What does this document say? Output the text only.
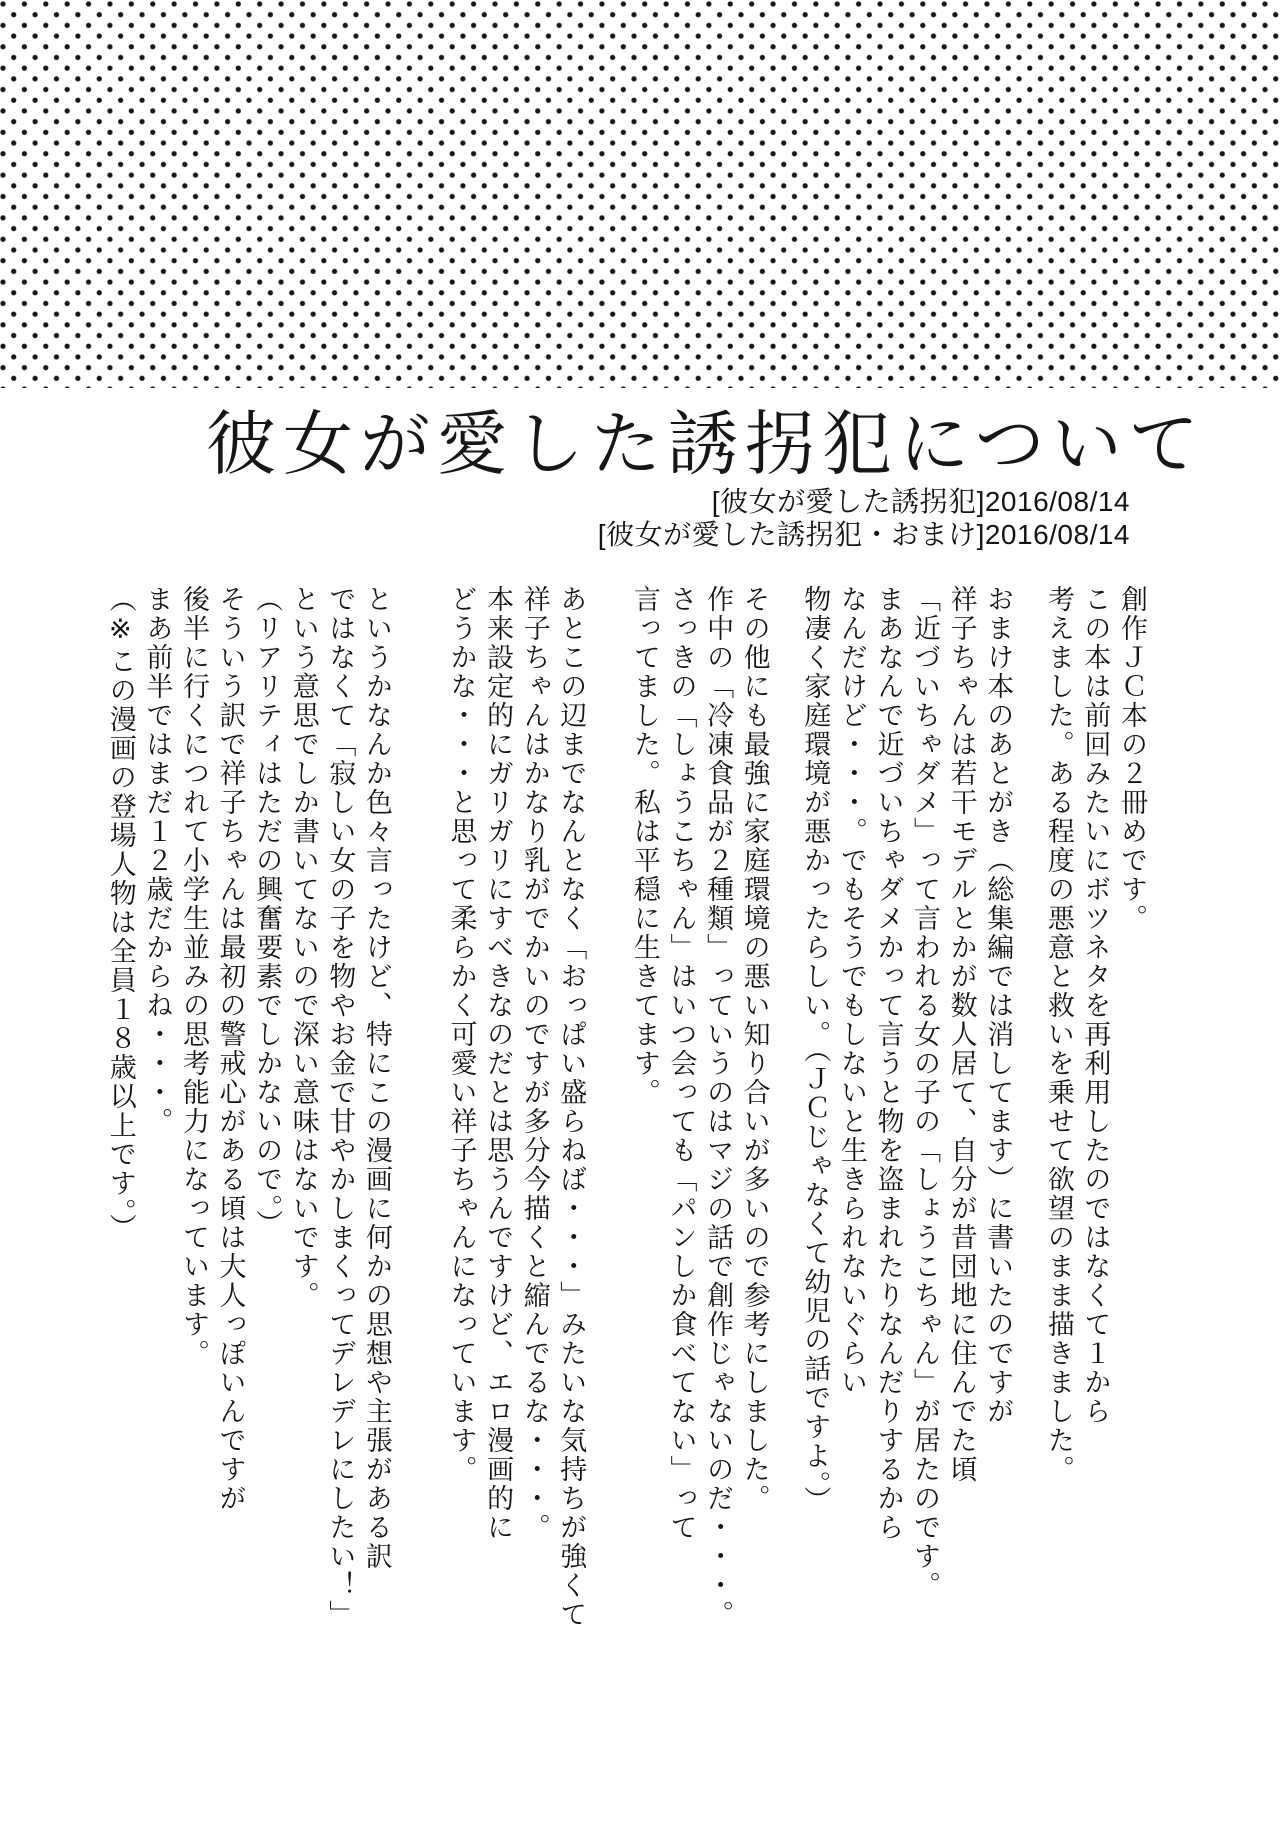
彼女が愛した誘拐犯について
[彼女が愛した誘拐犯]2016/08/14
[彼女が愛した誘拐犯・おまけ]2016/08/14

創作ＪＣ本の２冊めです。

この本は前回みたいにボツネタを再利用したのではなくて１から

考えました。ある程度の悪意と救いを乗せて欲望のまま描きました。

おまけ本のあとがき（総集編では消してます）に書いたのですが

祥子ちゃんは若干モデルとかが数人居て、自分が昔団地に住んでた頃

「近づいちゃダメ」って言われる女の子の「しょうこちゃん」が居たのです。

まあなんで近づいちゃダメかって言うと物を盗まれたりなんだりするから

なんだけど・・・。でもそうでもしないと生きられないぐらい

物凄く家庭環境が悪かったらしい。（ＪＣじゃなくて幼児の話ですよ。）

その他にも最強に家庭環境の悪い知り合いが多いので参考にしました。

作中の「冷凍食品が２種類」っていうのはマジの話で創作じゃないのだ・・・。

さっきの「しょうこちゃん」はいつ会っても「パンしか食べてない」って

言ってました。私は平穏に生きてます。

あとこの辺までなんとなく「おっぱい盛らねば・・・」みたいな気持ちが強くて

祥子ちゃんはかなり乳がでかいのですが多分今描くと縮んでるな・・・。

本来設定的にガリガリにすべきなのだとは思うんですけど、エロ漫画的に

どうかな・・・と思って柔らかく可愛い祥子ちゃんになっています。

というかなんか色々言ったけど、特にこの漫画に何かの思想や主張がある訳

ではなくて「寂しい女の子を物やお金で甘やかしまくってデレデレにしたい！」

という意思でしか書いてないので深い意味はないです。

（リアリティはただの興奮要素でしかないので。）

そういう訳で祥子ちゃんは最初の警戒心がある頃は大人っぽいんですが

後半に行くにつれて小学生並みの思考能力になっています。

まあ前半ではまだ１２歳だからね・・・。

（※この漫画の登場人物は全員１８歳以上です。）
